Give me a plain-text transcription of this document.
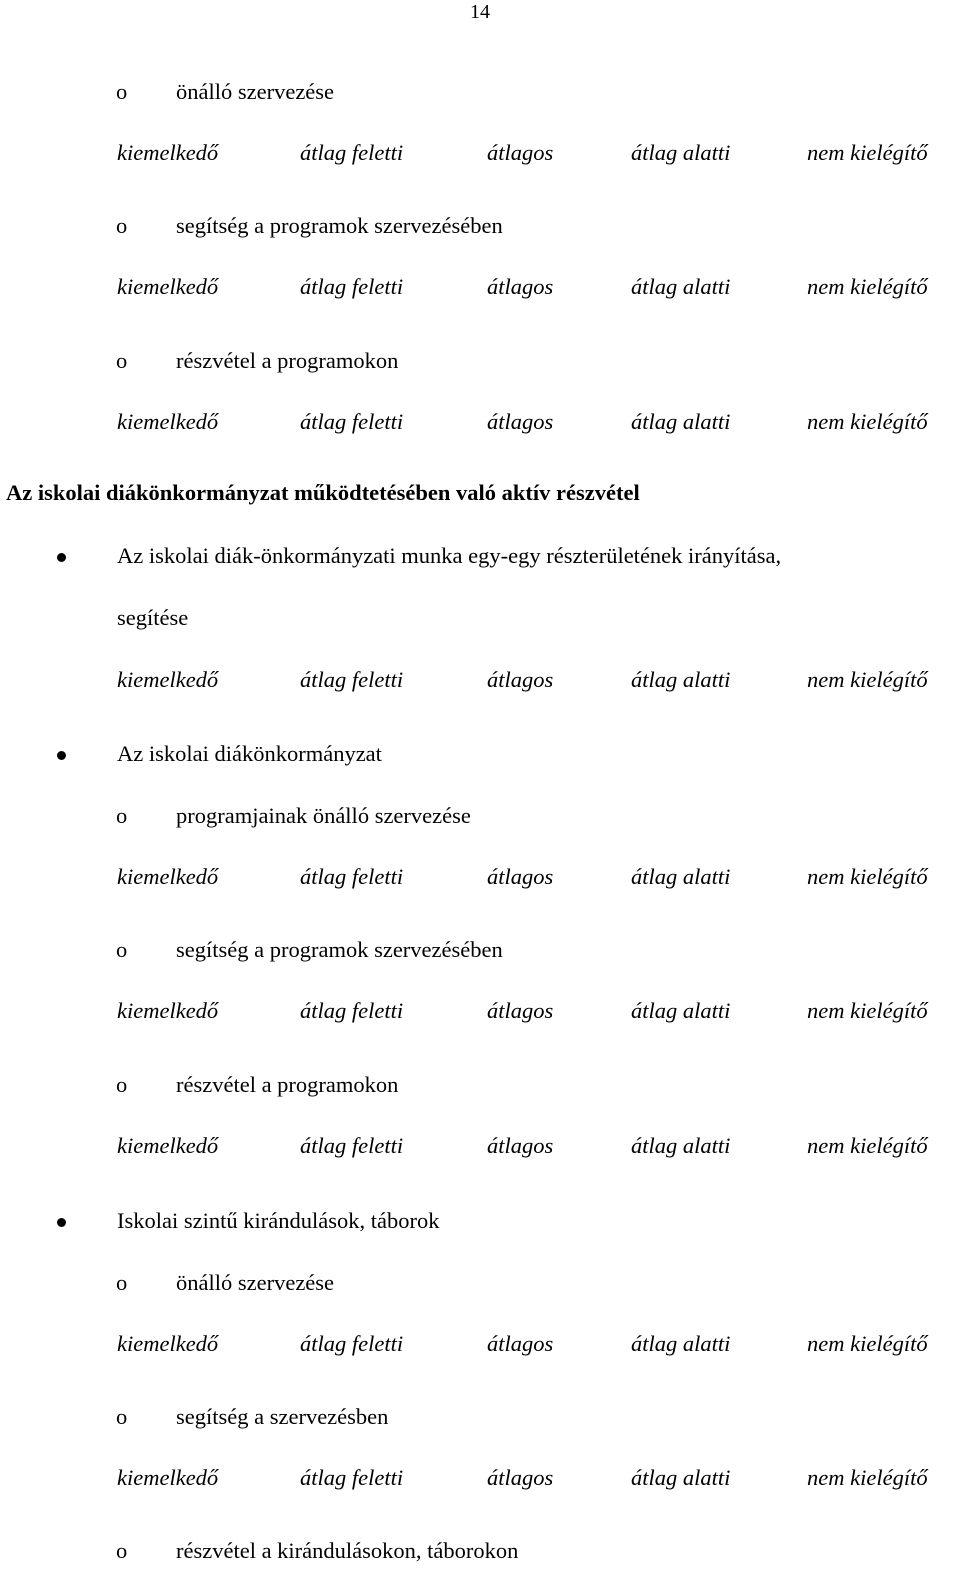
14
o önálló szervezése
kiemelkedő	átlag feletti	átlagos	átlag alatti	nem kielégítő
o segítség a programok szervezésében
kiemelkedő	átlag feletti	átlagos	átlag alatti	nem kielégítő
o részvétel a programokon
kiemelkedő	átlag feletti	átlagos	átlag alatti	nem kielégítő
Az iskolai diákönkormányzat működtetésében való aktív részvétel
Az iskolai diák-önkormányzati munka egy-egy részterületének irányítása,
segítése
kiemelkedő	átlag feletti	átlagos	átlag alatti	nem kielégítő
Az iskolai diákönkormányzat
o programjainak önálló szervezése
kiemelkedő	átlag feletti	átlagos	átlag alatti	nem kielégítő
o segítség a programok szervezésében
kiemelkedő	átlag feletti	átlagos	átlag alatti	nem kielégítő
o részvétel a programokon
kiemelkedő	átlag feletti	átlagos	átlag alatti	nem kielégítő
Iskolai szintű kirándulások, táborok
o önálló szervezése
kiemelkedő	átlag feletti	átlagos	átlag alatti	nem kielégítő
o segítség a szervezésben
kiemelkedő	átlag feletti	átlagos	átlag alatti	nem kielégítő
o részvétel a kirándulásokon, táborokon
